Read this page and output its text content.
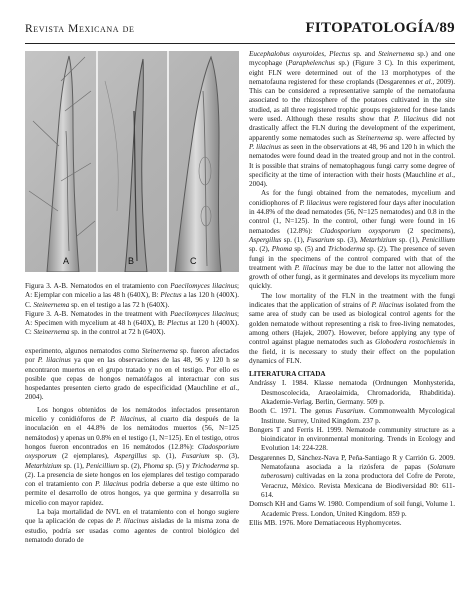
Revista Mexicana de	FITOPATOLOGÍA/89
A	B	C

Figura 3. A-B. Nematodos en el tratamiento con Paecilomyces lilacinus; A: Ejemplar con micelio a las 48 h (640X), B: Plectus a las 120 h (400X). C. Steinernema sp. en el testigo a las 72 h (640X).

Figure 3. A-B. Nematodes in the treatment with Paecilomyces lilacinus; A: Specimen with mycelium at 48 h (640X), B: Plectus at 120 h (400X). C: Steinernema sp. in the control at 72 h (640X).

experimento, algunos nematodos como Steinernema sp. fueron afectados por P. lilacinus ya que en las observaciones de las 48, 96 y 120 h se encontraron muertos en el grupo tratado y no en el testigo. Por ello es posible que cepas de hongos nematófagos al interactuar con sus hospedantes presenten cierto grado de especificidad (Mauchline et al., 2004).

Los hongos obtenidos de los nemátodos infectados presentaron micelio y conidióforos de P. lilacinus, al cuarto día después de la inoculación en el 44.8% de los nemátodos muertos (56, N=125 nemátodos) y apenas un 0.8% en el testigo (1, N=125). En el testigo, otros hongos fueron encontrados en 16 nemátodos (12.8%): Cladosporium oxysporum (2 ejemplares), Aspergillus sp. (1), Fusarium sp. (3), Metarhizium sp. (1), Penicillium sp. (2), Phoma sp. (5) y Trichoderma sp. (2). La presencia de siete hongos en los ejemplares del testigo comparado con el tratamiento con P. lilacinus podría deberse a que este último no permite el desarrollo de otros hongos, ya que germina y desarrolla su micelio con mayor rapidez.

La baja mortalidad de NVL en el tratamiento con el hongo sugiere que la aplicación de cepas de P. lilacinus aisladas de la misma zona de estudio, podría ser usadas como agentes de control biológico del nematodo dorado de

Eucephalobus oxyuroides, Plectus sp. and Steinernema sp.) and one mycophage (Paraphelenchus sp.) (Figure 3 C). In this experiment, eight FLN were determined out of the 13 morphotypes of the nematofauna registered for these croplands (Desgarennes et al., 2009). This can be considered a representative sample of the nematofauna associated to the rhizosphere of the potatoes cultivated in the site studied, as all three registered trophic groups registered for these lands were used. Although these results show that P. lilacinus did not drastically affect the FLN during the development of the experiment, apparently some nematodes such as Steinernema sp. were affected by P. lilacinus as seen in the observations at 48, 96 and 120 h in which the nematodes were found dead in the treated group and not in the control. It is possible that strains of nematophagous fungi carry some degree of specificity at the time of interaction with their hosts (Mauchline et al., 2004).

As for the fungi obtained from the nematodes, mycelium and conidiophores of P. lilacinus were registered four days after inoculation in 44.8% of the dead nematodes (56, N=125 nematodes) and 0.8 in the control (1, N=125). In the control, other fungi were found in 16 nematodes (12.8%): Cladosporium oxysporum (2 specimens), Aspergillus sp. (1), Fusarium sp. (3), Metarhizium sp. (1), Penicillium sp. (2), Phoma sp. (5) and Trichoderma sp. (2). The presence of seven fungi in the specimens of the control compared with that of the treatment with P. lilacinus may be due to the latter not allowing the growth of other fungi, as it germinates and develops its mycelium more quickly.

The low mortality of the FLN in the treatment with the fungi indicates that the application of strains of P. lilacinus isolated from the same area of study can be used as biological control agents for the golden nematode without representing a risk to free-living nematodes, among others (Hajek, 2007). However, before applying any type of control against plague nematodes such as Globodera rostochiensis in the field, it is necessary to study their effect on the population dynamics of FLN.

LITERATURA CITADA

Andrássy I. 1984. Klasse nematoda (Ordnungen Monhysterida, Desmoscolecida, Araeolaimida, Chromadorida, Rhabditida). Akademie-Verlag. Berlin, Germany. 509 p.

Booth C. 1971. The genus Fusarium. Commonwealth Mycological Institute. Surrey, United Kingdom. 237 p.

Bongers T and Ferris H. 1999. Nematode community structure as a bioindicator in environmental monitoring. Trends in Ecology and Evolution 14: 224-228.

Desgarennes D, Sánchez-Nava P, Peña-Santiago R y Carrión G. 2009. Nematofauna asociada a la rizósfera de papas (Solanum tuberosum) cultivadas en la zona productora del Cofre de Perote, Veracruz, México. Revista Mexicana de Biodiversidad 80: 611-614.

Domsch KH and Gams W. 1980. Compendium of soil fungi, Volume 1. Academic Press. London, United Kingdom. 859 p.

Ellis MB. 1976. More Dematiaceous Hyphomycetes.
